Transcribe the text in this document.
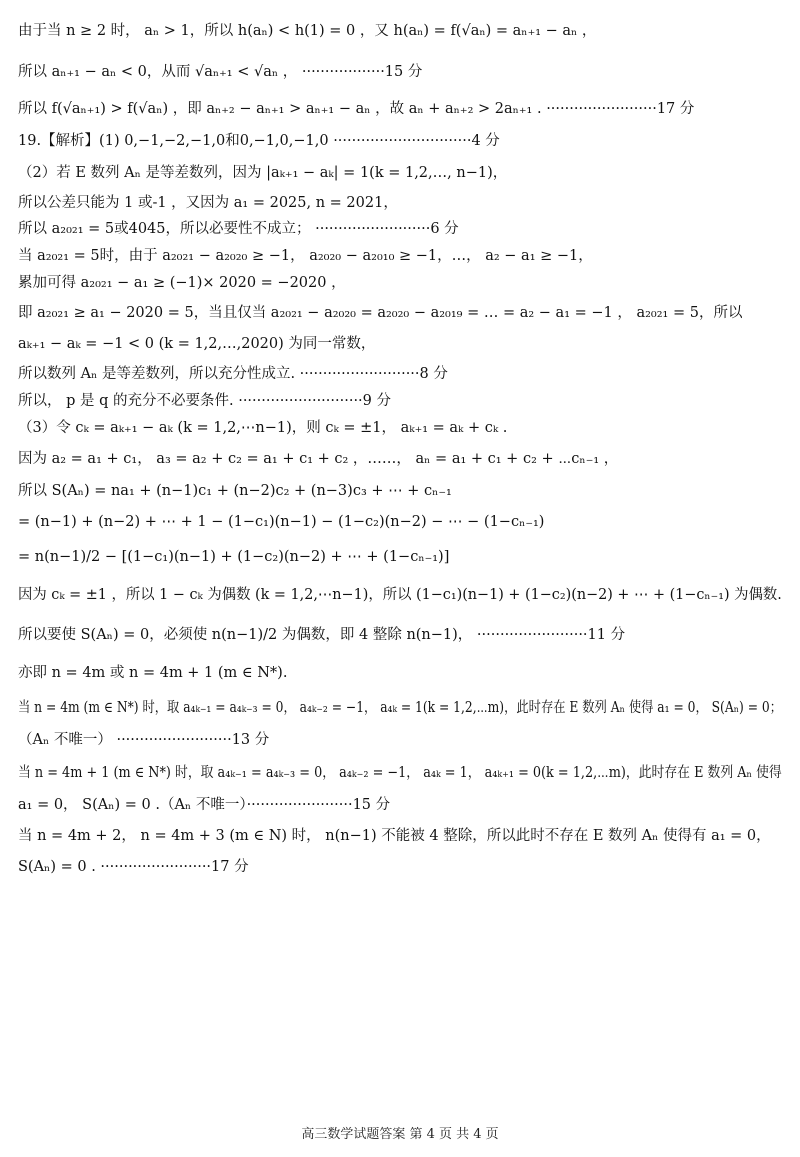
由于当 n ≥ 2 时， aₙ > 1，所以 h(aₙ) < h(1) = 0 ，又 h(aₙ) = f(√aₙ) = aₙ₊₁ − aₙ ，
所以 aₙ₊₁ − aₙ < 0，从而 √aₙ₊₁ < √aₙ ， ··················15 分
所以 f(√aₙ₊₁) > f(√aₙ) ，即 aₙ₊₂ − aₙ₊₁ > aₙ₊₁ − aₙ ，故 aₙ + aₙ₊₂ > 2aₙ₊₁ . ························17 分
19.【解析】(1) 0,−1,−2,−1,0和0,−1,0,−1,0 ······························4 分
（2）若 E 数列 Aₙ 是等差数列，因为 |aₖ₊₁ − aₖ| = 1(k = 1,2,…, n−1)，
所以公差只能为 1 或-1 ，又因为 a₁ = 2025, n = 2021，
所以 a₂₀₂₁ = 5或4045，所以必要性不成立； ·························6 分
当 a₂₀₂₁ = 5时，由于 a₂₀₂₁ − a₂₀₂₀ ≥ −1， a₂₀₂₀ − a₂₀₁₀ ≥ −1，…， a₂ − a₁ ≥ −1，
累加可得 a₂₀₂₁ − a₁ ≥ (−1)× 2020 = −2020 ，
即 a₂₀₂₁ ≥ a₁ − 2020 = 5，当且仅当 a₂₀₂₁ − a₂₀₂₀ = a₂₀₂₀ − a₂₀₁₉ = … = a₂ − a₁ = −1 ， a₂₀₂₁ = 5，所以
aₖ₊₁ − aₖ = −1 < 0 (k = 1,2,…,2020) 为同一常数，
所以数列 Aₙ 是等差数列，所以充分性成立. ··························8 分
所以， p 是 q 的充分不必要条件. ···························9 分
（3）令 cₖ = aₖ₊₁ − aₖ (k = 1,2,⋯n−1)，则 cₖ = ±1， aₖ₊₁ = aₖ + cₖ .
因为 a₂ = a₁ + c₁， a₃ = a₂ + c₂ = a₁ + c₁ + c₂ ，……， aₙ = a₁ + c₁ + c₂ + ⋯cₙ₋₁ ，
所以 S(Aₙ) = na₁ + (n−1)c₁ + (n−2)c₂ + (n−3)c₃ + ⋯ + cₙ₋₁
= (n−1) + (n−2) + ⋯ + 1 − (1−c₁)(n−1) − (1−c₂)(n−2) − ⋯ − (1−cₙ₋₁)
= n(n−1)/2 − [(1−c₁)(n−1) + (1−c₂)(n−2) + ⋯ + (1−cₙ₋₁)]
因为 cₖ = ±1 ，所以 1 − cₖ 为偶数 (k = 1,2,⋯n−1)，所以 (1−c₁)(n−1) + (1−c₂)(n−2) + ⋯ + (1−cₙ₋₁) 为偶数.
所以要使 S(Aₙ) = 0，必须使 n(n−1)/2 为偶数，即 4 整除 n(n−1)， ························11 分
亦即 n = 4m 或 n = 4m + 1 (m ∈ N*).
当 n = 4m (m ∈ N*) 时，取 a₄ₖ₋₁ = a₄ₖ₋₃ = 0， a₄ₖ₋₂ = −1， a₄ₖ = 1(k = 1,2,⋯m)，此时存在 E 数列 Aₙ 使得 a₁ = 0， S(Aₙ) = 0；
（Aₙ 不唯一） ·························13 分
当 n = 4m + 1 (m ∈ N*) 时，取 a₄ₖ₋₁ = a₄ₖ₋₃ = 0， a₄ₖ₋₂ = −1， a₄ₖ = 1， a₄ₖ₊₁ = 0(k = 1,2,⋯m)，此时存在 E 数列 Aₙ 使得
a₁ = 0， S(Aₙ) = 0 .（Aₙ 不唯一）·······················15 分
当 n = 4m + 2， n = 4m + 3 (m ∈ N) 时， n(n−1) 不能被 4 整除，所以此时不存在 E 数列 Aₙ 使得有 a₁ = 0，
S(Aₙ) = 0 . ························17 分
高三数学试题答案 第 4 页 共 4 页
